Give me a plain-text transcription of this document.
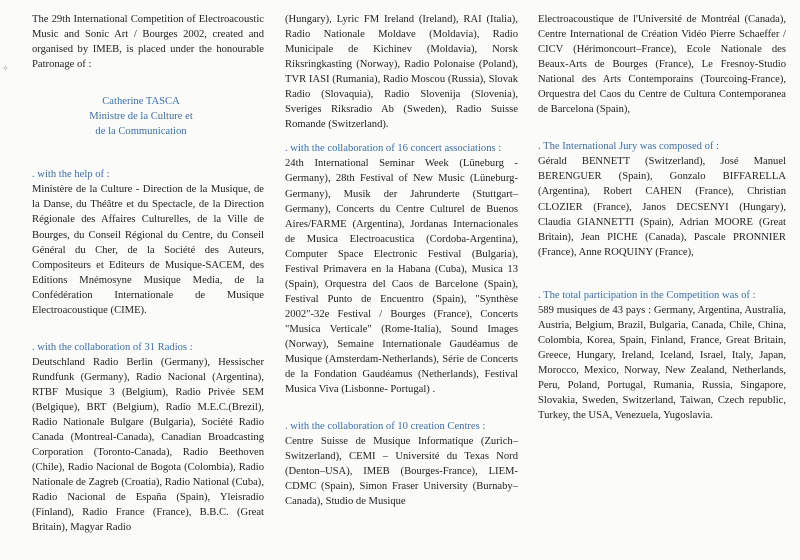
✧

The 29th International Competition of Electroacoustic Music and Sonic Art / Bourges 2002, created and organised by IMEB, is placed under the honourable Patronage of :

Catherine TASCA

Ministre de la Culture et

de la Communication

. with the help of :

Ministère de la Culture - Direction de la Musique, de la Danse, du Théâtre et du Spectacle, de la Direction Régionale des Affaires Culturelles, de la Ville de Bourges, du Conseil Régional du Centre, du Conseil Général du Cher, de la Société des Auteurs, Compositeurs et Editeurs de Musique-SACEM, des Editions Mnémosyne Musique Media, de la Confédération Internationale de Musique Electroacoustique (CIME).

. with the collaboration of 31 Radios :

Deutschland Radio Berlin (Germany), Hessischer Rundfunk (Germany), Radio Nacional (Argentina), RTBF Musique 3 (Belgium), Radio Privée SEM (Belgique), BRT (Belgium), Radio M.E.C.(Brezil), Radio Nationale Bulgare (Bulgaria), Société Radio Canada (Montreal-Canada), Canadian Broadcasting Corporation (Toronto-Canada), Radio Beethoven (Chile), Radio Nacional de Bogota (Colombia), Radio Nationale de Zagreb (Croatia), Radio National (Cuba), Radio Nacional de España (Spain), Yleisradio (Finland), Radio France (France), B.B.C. (Great Britain), Magyar Radio

(Hungary), Lyric FM Ireland (Ireland), RAI (Italia), Radio Nationale Moldave (Moldavia), Radio Municipale de Kichinev (Moldavia), Norsk Riksringkasting (Norway), Radio Polonaise (Poland), TVR IASI (Rumania), Radio Moscou (Russia), Slovak Radio (Slovaquia), Radio Slovenija (Slovenia), Sveriges Riksradio Ab (Sweden), Radio Suisse Romande (Switzerland).

. with the collaboration of 16 concert associations :

24th International Seminar Week (Lüneburg - Germany), 28th Festival of New Music (Lüneburg-Germany), Musik der Jahrunderte (Stuttgart–Germany), Concerts du Centre Culturel de Buenos Aires/FARME (Argentina), Jordanas Internacionales de Musica Electroacustica (Cordoba-Argentina), Computer Space Electronic Festival (Bulgaria), Festival Primavera en la Habana (Cuba), Musica 13 (Spain), Orquestra del Caos de Barcelone (Spain), Festival Punto de Encuentro (Spain), "Synthèse 2002"-32e Festival / Bourges (France), Concerts "Musica Verticale" (Rome-Italia), Sound Images (Norway), Semaine Internationale Gaudéamus de Musique (Amsterdam-Netherlands), Série de Concerts de la Fondation Gaudéamus (Netherlands), Festival Musica Viva (Lisbonne- Portugal) .

. with the collaboration of 10 creation Centres :

Centre Suisse de Musique Informatique (Zurich–Switzerland), CEMI – Université du Texas Nord (Denton–USA), IMEB (Bourges-France), LIEM-CDMC (Spain), Simon Fraser University (Burnaby–Canada), Studio de Musique

Electroacoustique de l'Université de Montréal (Canada), Centre International de Création Vidéo Pierre Schaeffer / CICV (Hérimoncourt–France), Ecole Nationale des Beaux-Arts de Bourges (France), Le Fresnoy-Studio National des Arts Contemporains (Tourcoing-France), Orquestra del Caos du Centre de Cultura Contemporanea de Barcelona (Spain),

. The International Jury was composed of :

Gérald BENNETT (Switzerland), José Manuel BERENGUER (Spain), Gonzalo BIFFARELLA (Argentina), Robert CAHEN (France), Christian CLOZIER (France), Janos DECSENYI (Hungary), Claudia GIANNETTI (Spain), Adrian MOORE (Great Britain), Jean PICHE (Canada), Pascale PRONNIER (France), Anne ROQUINY (France),

. The total participation in the Competition was of :

589 musiques de 43 pays : Germany, Argentina, Australia, Austria, Belgium, Brazil, Bulgaria, Canada, Chile, China, Colombia, Korea, Spain, Finland, France, Great Britain, Greece, Hungary, Ireland, Iceland, Israel, Italy, Japan, Morocco, Mexico, Norway, New Zealand, Netherlands, Peru, Poland, Portugal, Rumania, Russia, Singapore, Slovakia, Sweden, Switzerland, Taiwan, Czech republic, Turkey, the USA, Venezuela, Yugoslavia.
